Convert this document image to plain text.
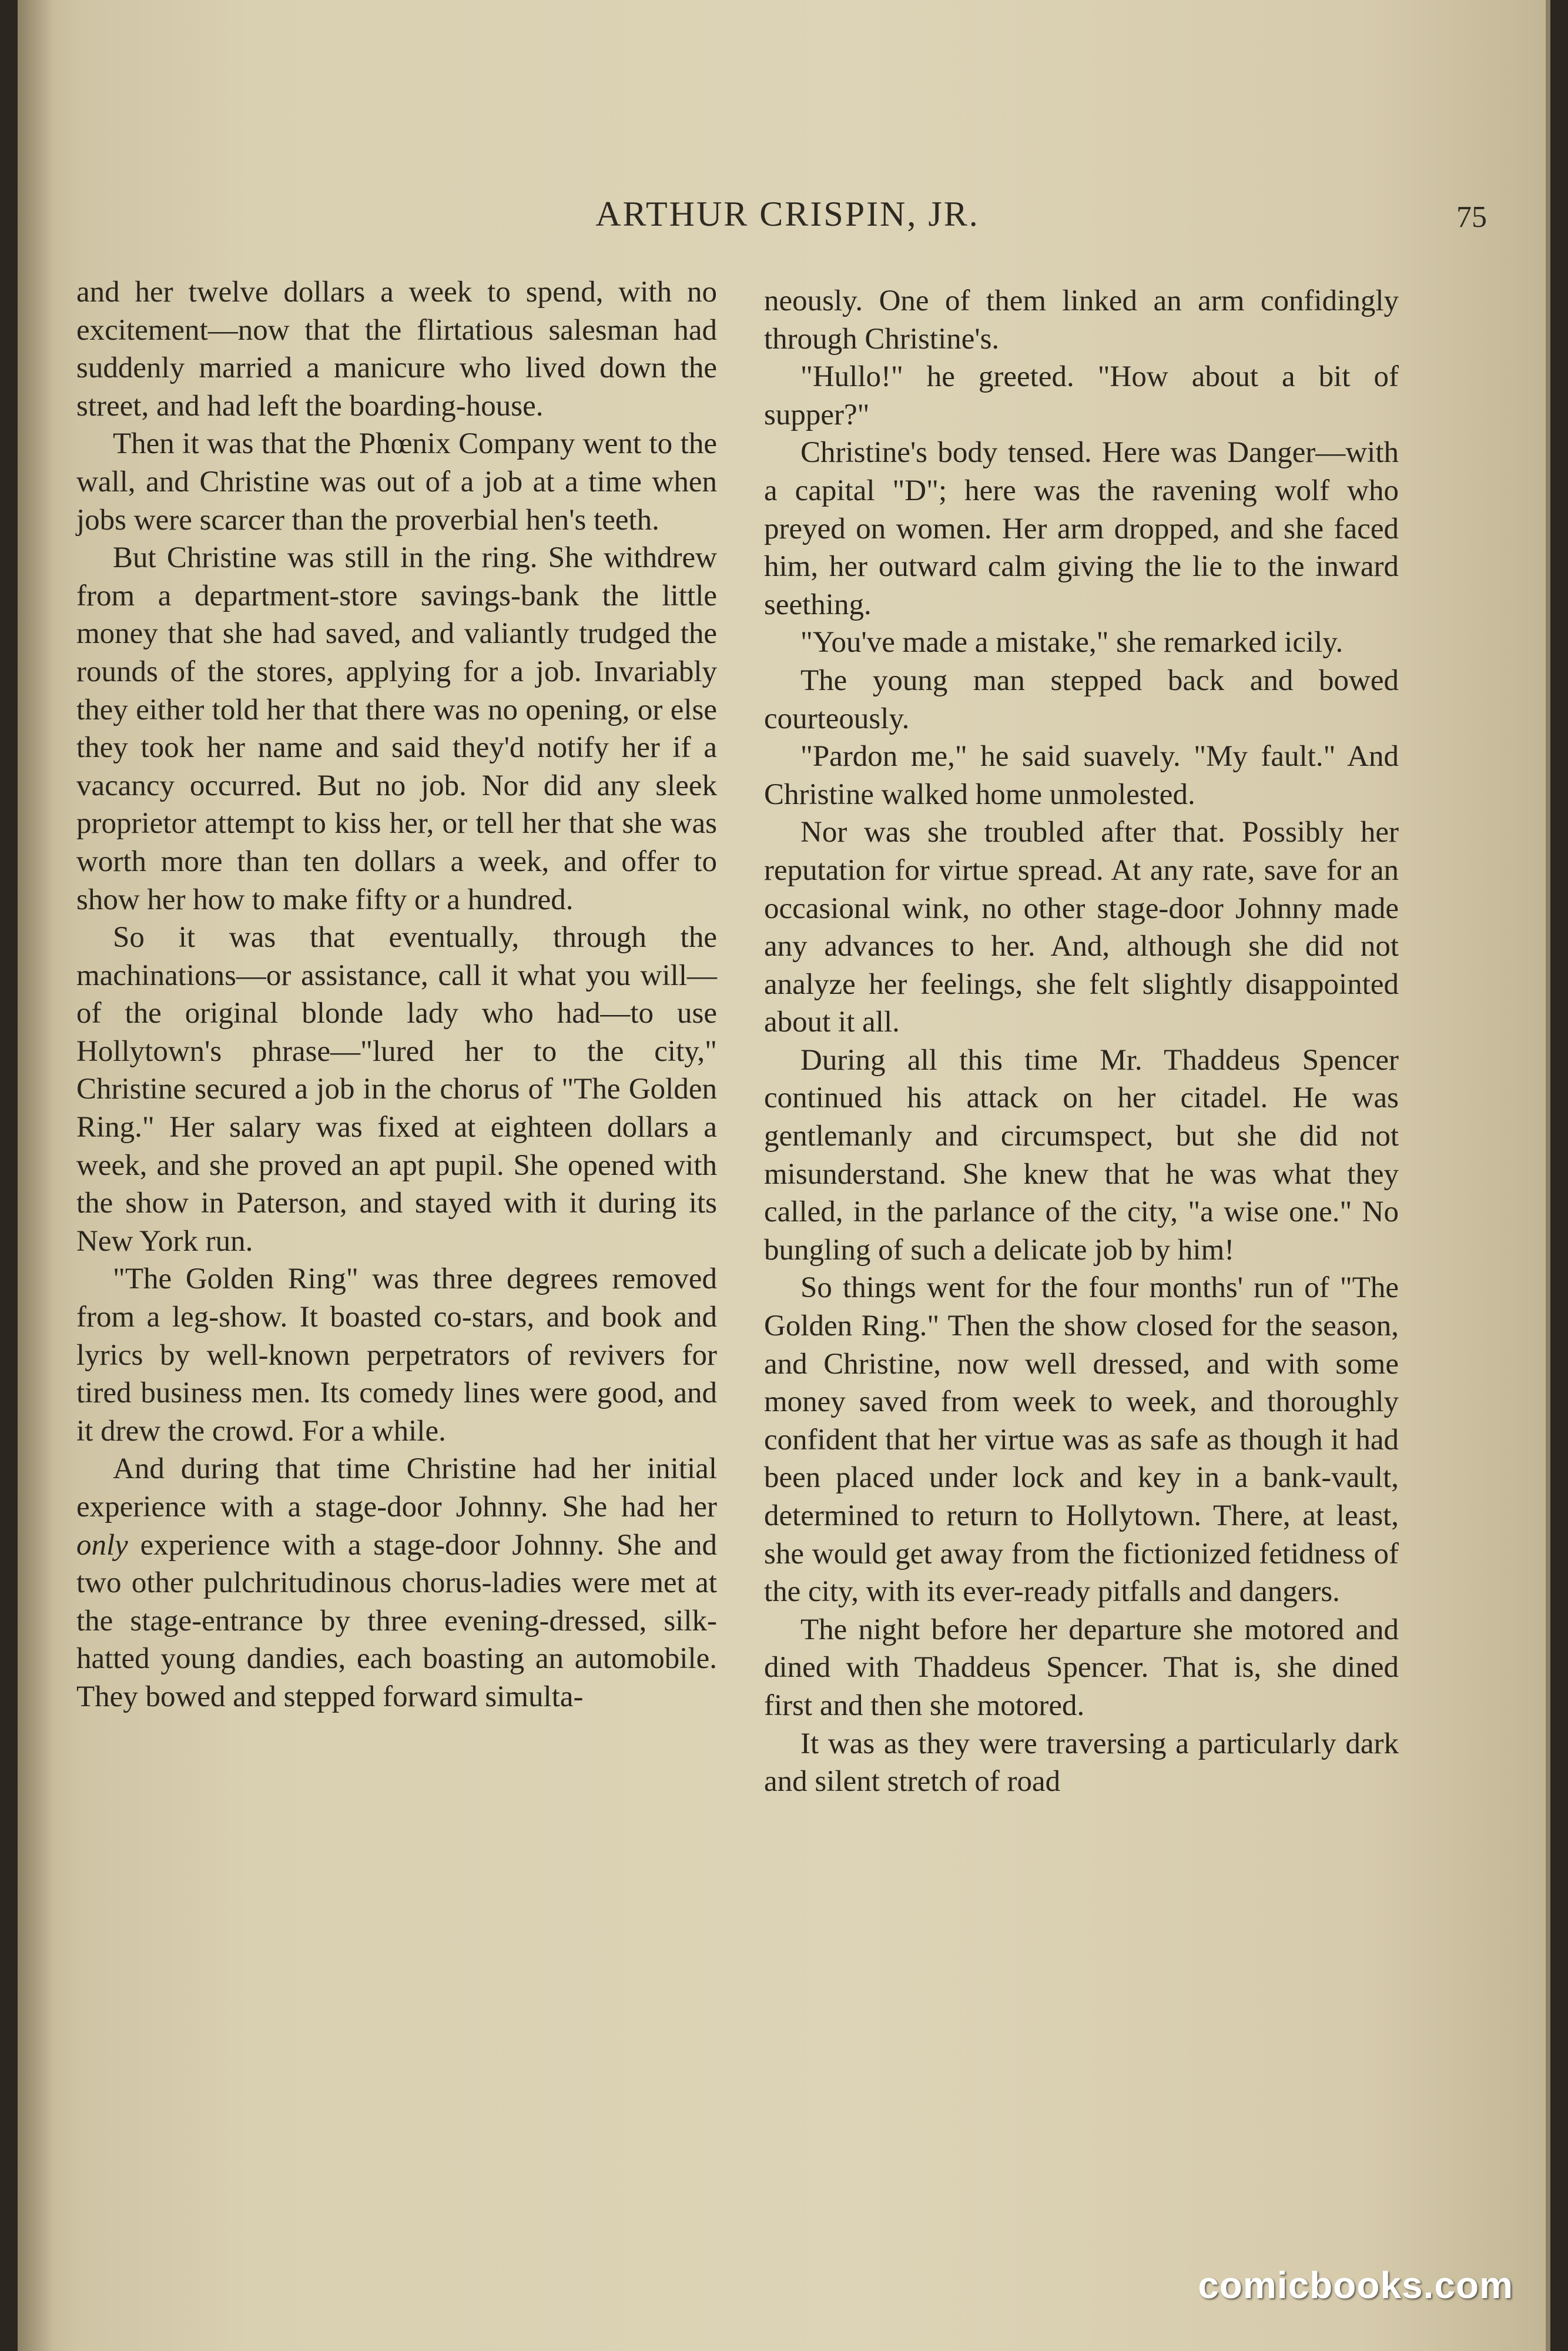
ARTHUR CRISPIN, JR.	75

and her twelve dollars a week to spend, with no excitement—now that the flirtatious salesman had suddenly married a manicure who lived down the street, and had left the boarding-house.

Then it was that the Phœnix Company went to the wall, and Christine was out of a job at a time when jobs were scarcer than the proverbial hen's teeth.

But Christine was still in the ring. She withdrew from a department-store savings-bank the little money that she had saved, and valiantly trudged the rounds of the stores, applying for a job. Invariably they either told her that there was no opening, or else they took her name and said they'd notify her if a vacancy occurred. But no job. Nor did any sleek proprietor attempt to kiss her, or tell her that she was worth more than ten dollars a week, and offer to show her how to make fifty or a hundred.

So it was that eventually, through the machinations—or assistance, call it what you will—of the original blonde lady who had—to use Hollytown's phrase—"lured her to the city," Christine secured a job in the chorus of "The Golden Ring." Her salary was fixed at eighteen dollars a week, and she proved an apt pupil. She opened with the show in Paterson, and stayed with it during its New York run.

"The Golden Ring" was three degrees removed from a leg-show. It boasted co-stars, and book and lyrics by well-known perpetrators of revivers for tired business men. Its comedy lines were good, and it drew the crowd. For a while.

And during that time Christine had her initial experience with a stage-door Johnny. She had her only experience with a stage-door Johnny. She and two other pulchritudinous chorus-ladies were met at the stage-entrance by three evening-dressed, silk-hatted young dandies, each boasting an automobile. They bowed and stepped forward simulta-

neously. One of them linked an arm confidingly through Christine's.

"Hullo!" he greeted. "How about a bit of supper?"

Christine's body tensed. Here was Danger—with a capital "D"; here was the ravening wolf who preyed on women. Her arm dropped, and she faced him, her outward calm giving the lie to the inward seething.

"You've made a mistake," she remarked icily.

The young man stepped back and bowed courteously.

"Pardon me," he said suavely. "My fault." And Christine walked home unmolested.

Nor was she troubled after that. Possibly her reputation for virtue spread. At any rate, save for an occasional wink, no other stage-door Johnny made any advances to her. And, although she did not analyze her feelings, she felt slightly disappointed about it all.

During all this time Mr. Thaddeus Spencer continued his attack on her citadel. He was gentlemanly and circumspect, but she did not misunderstand. She knew that he was what they called, in the parlance of the city, "a wise one." No bungling of such a delicate job by him!

So things went for the four months' run of "The Golden Ring." Then the show closed for the season, and Christine, now well dressed, and with some money saved from week to week, and thoroughly confident that her virtue was as safe as though it had been placed under lock and key in a bank-vault, determined to return to Hollytown. There, at least, she would get away from the fictionized fetidness of the city, with its ever-ready pitfalls and dangers.

The night before her departure she motored and dined with Thaddeus Spencer. That is, she dined first and then she motored.

It was as they were traversing a particularly dark and silent stretch of road

comicbooks.com
